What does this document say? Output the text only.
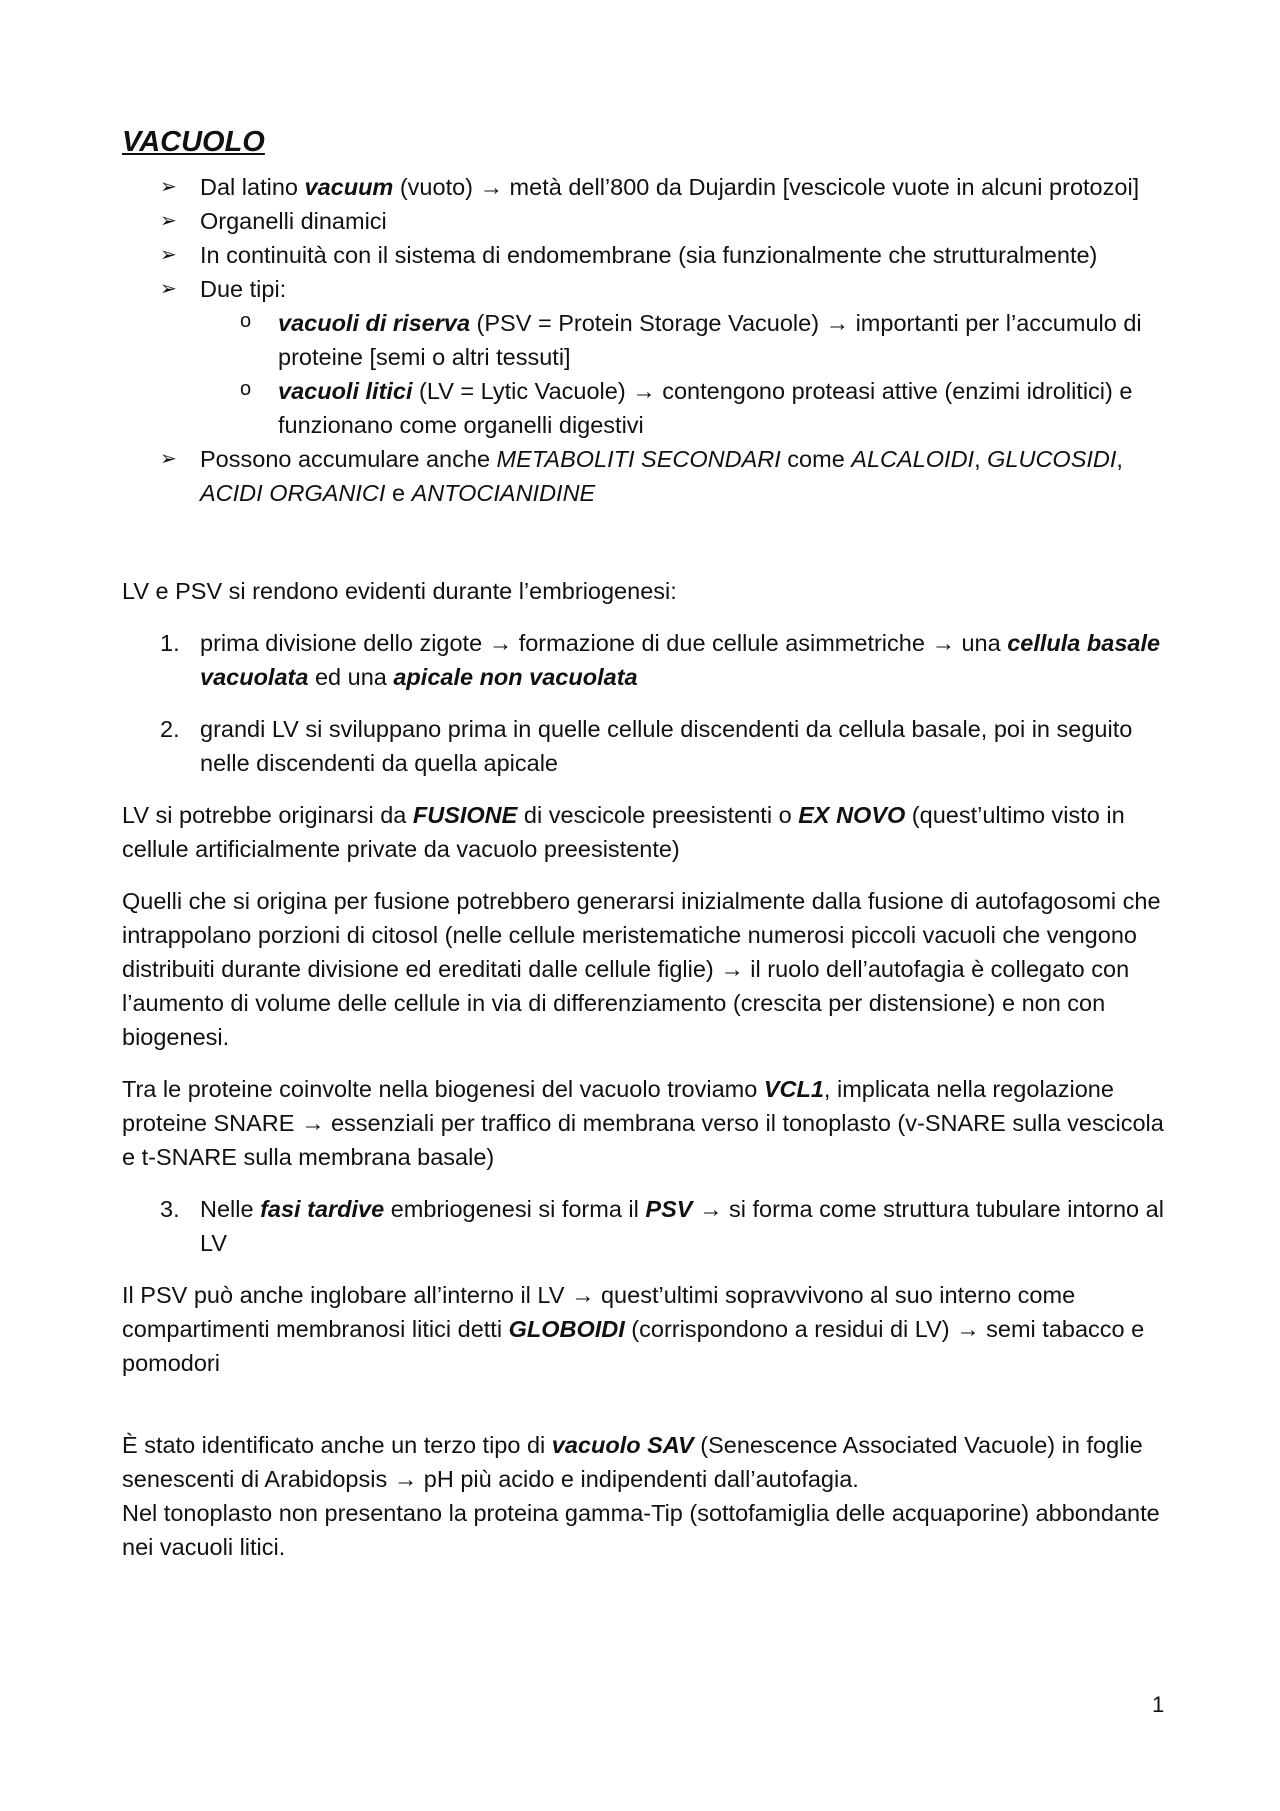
VACUOLO
➢ Dal latino vacuum (vuoto) → metà dell’800 da Dujardin [vescicole vuote in alcuni protozoi]
➢ Organelli dinamici
➢ In continuità con il sistema di endomembrane (sia funzionalmente che strutturalmente)
➢ Due tipi:
o vacuoli di riserva (PSV = Protein Storage Vacuole) → importanti per l’accumulo di proteine [semi o altri tessuti]
o vacuoli litici (LV = Lytic Vacuole) → contengono proteasi attive (enzimi idrolitici) e funzionano come organelli digestivi
➢ Possono accumulare anche METABOLITI SECONDARI come ALCALOIDI, GLUCOSIDI, ACIDI ORGANICI e ANTOCIANIDINE

LV e PSV si rendono evidenti durante l’embriogenesi:

1. prima divisione dello zigote → formazione di due cellule asimmetriche → una cellula basale vacuolata ed una apicale non vacuolata
2. grandi LV si sviluppano prima in quelle cellule discendenti da cellula basale, poi in seguito nelle discendenti da quella apicale

LV si potrebbe originarsi da FUSIONE di vescicole preesistenti o EX NOVO (quest’ultimo visto in cellule artificialmente private da vacuolo preesistente)

Quelli che si origina per fusione potrebbero generarsi inizialmente dalla fusione di autofagosomi che intrappolano porzioni di citosol (nelle cellule meristematiche numerosi piccoli vacuoli che vengono distribuiti durante divisione ed ereditati dalle cellule figlie) → il ruolo dell’autofagia è collegato con l’aumento di volume delle cellule in via di differenziamento (crescita per distensione) e non con biogenesi.

Tra le proteine coinvolte nella biogenesi del vacuolo troviamo VCL1, implicata nella regolazione proteine SNARE → essenziali per traffico di membrana verso il tonoplasto (v-SNARE sulla vescicola e t-SNARE sulla membrana basale)

3. Nelle fasi tardive embriogenesi si forma il PSV → si forma come struttura tubulare intorno al LV

Il PSV può anche inglobare all’interno il LV → quest’ultimi sopravvivono al suo interno come compartimenti membranosi litici detti GLOBOIDI (corrispondono a residui di LV) → semi tabacco e pomodori

È stato identificato anche un terzo tipo di vacuolo SAV (Senescence Associated Vacuole) in foglie senescenti di Arabidopsis → pH più acido e indipendenti dall’autofagia.
Nel tonoplasto non presentano la proteina gamma-Tip (sottofamiglia delle acquaporine) abbondante nei vacuoli litici.
1
